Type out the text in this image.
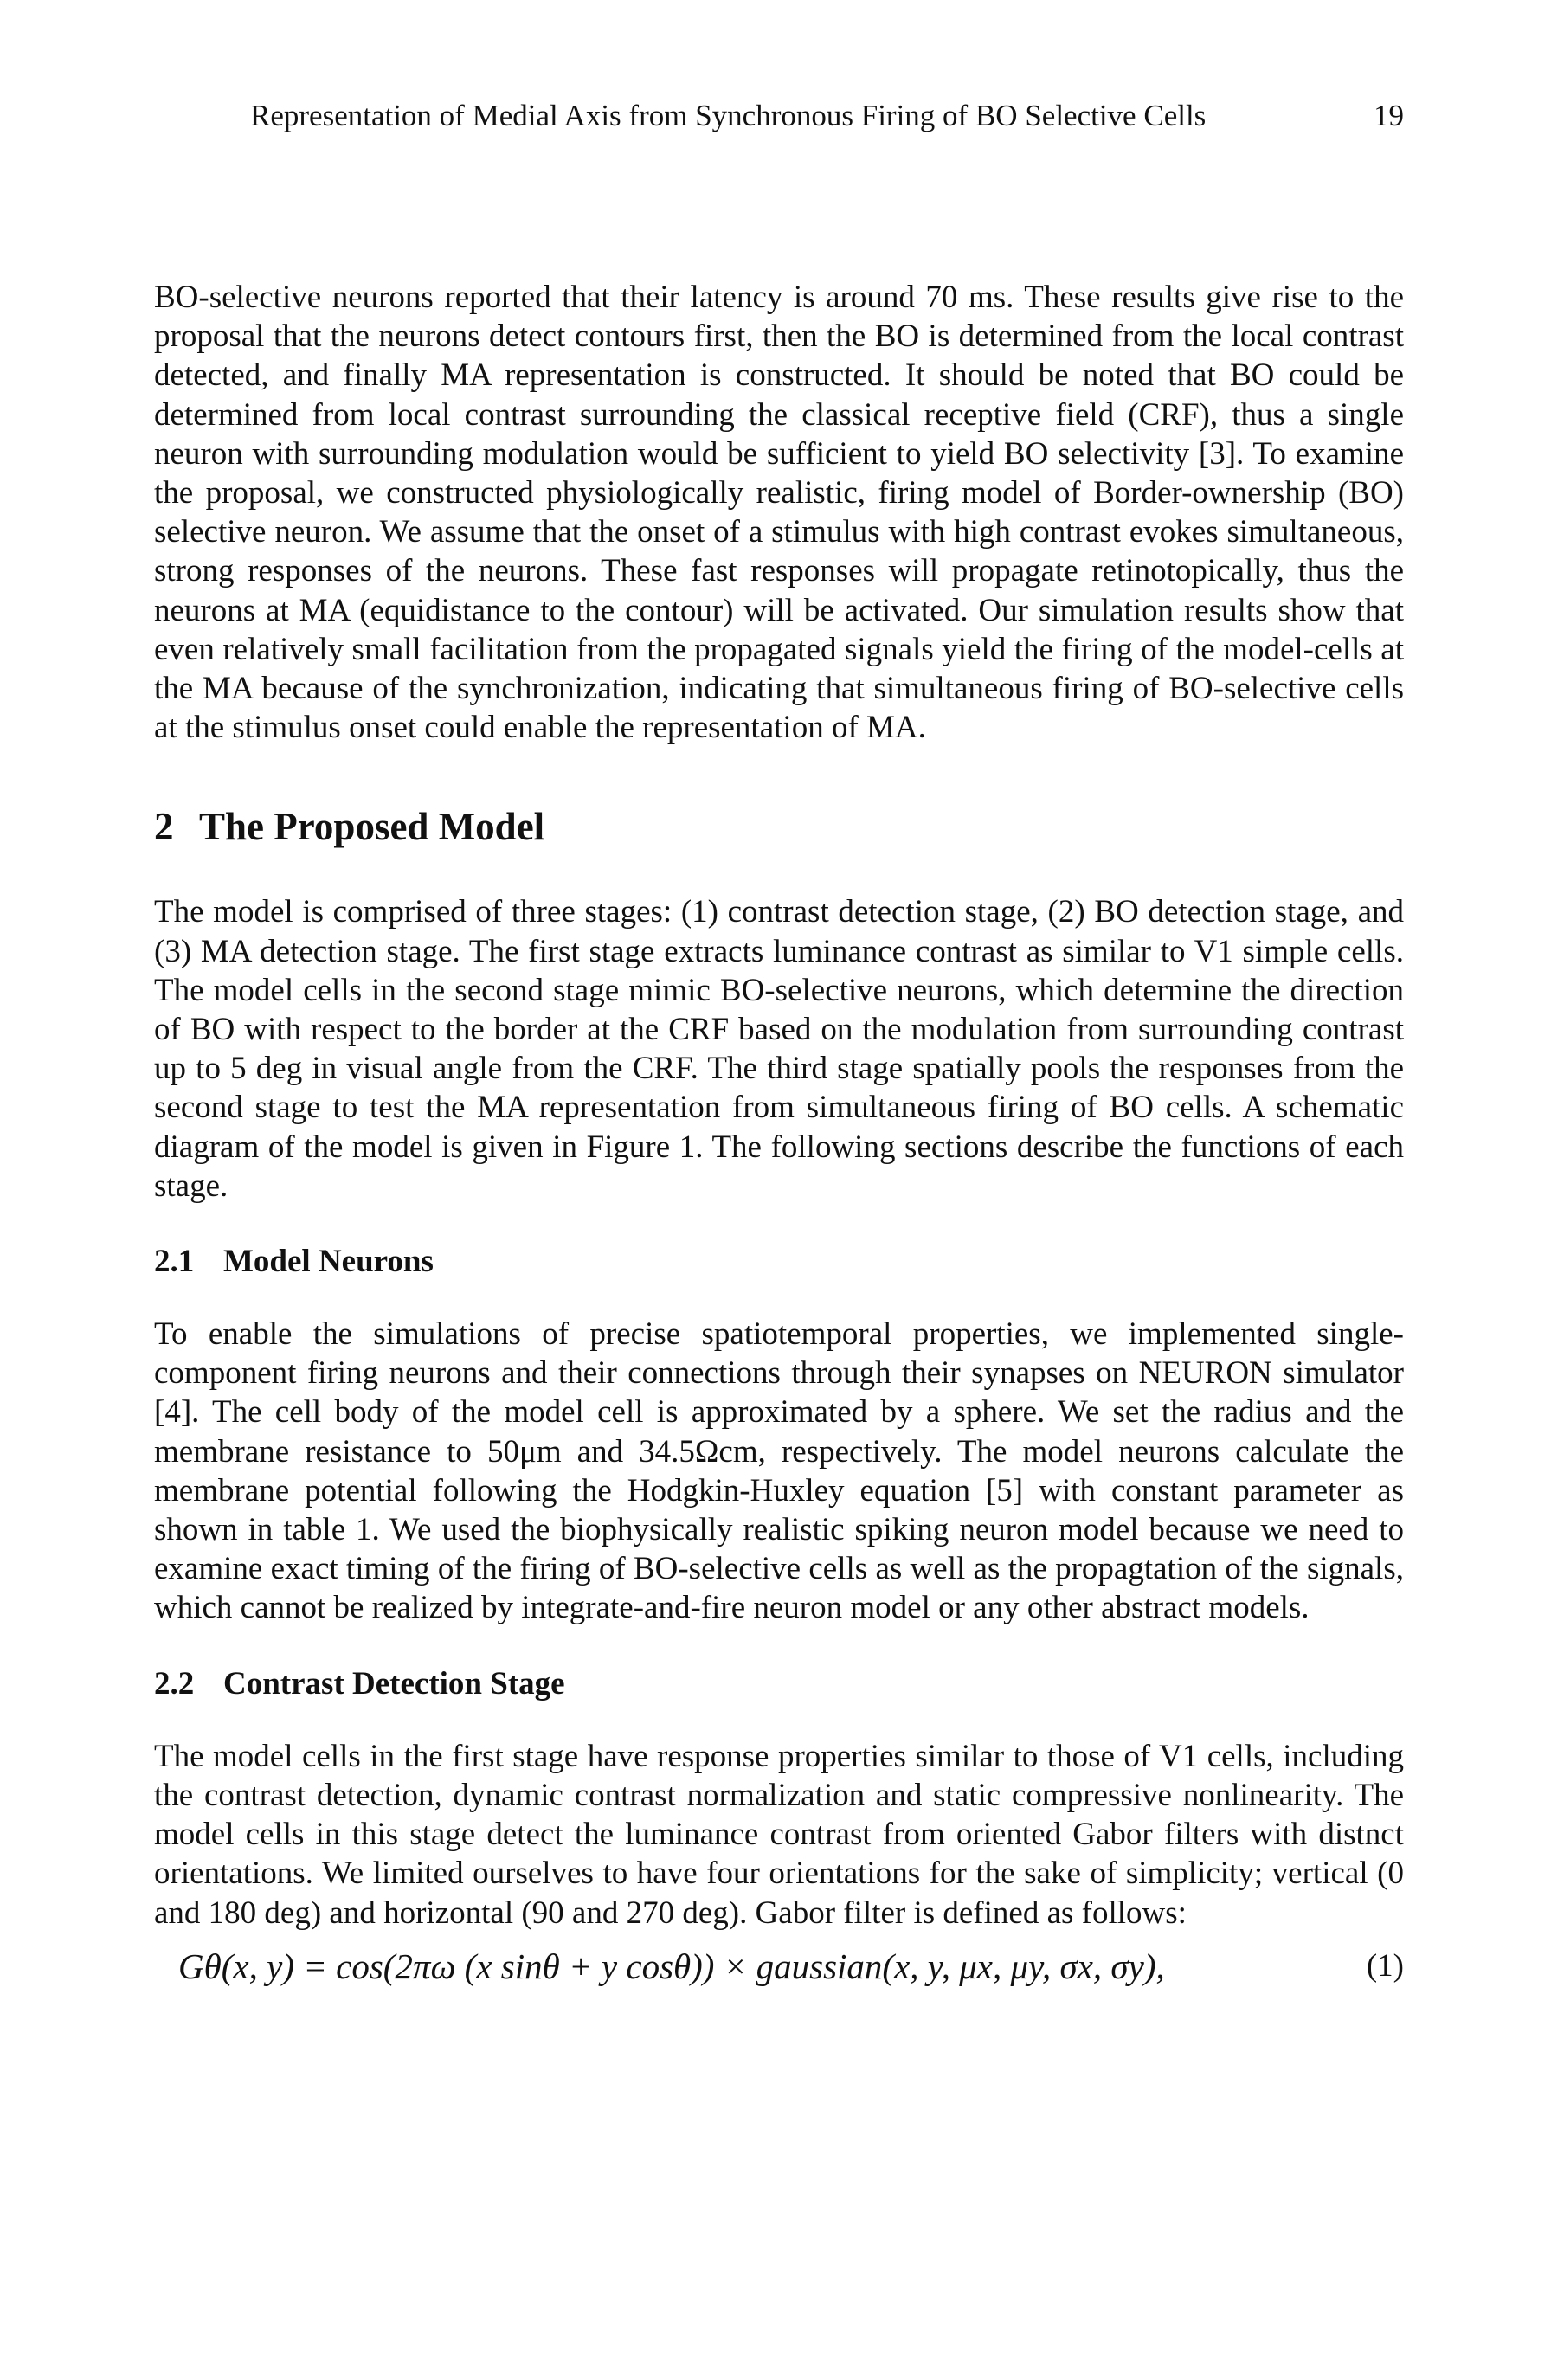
Representation of Medial Axis from Synchronous Firing of BO Selective Cells	19

BO-selective neurons reported that their latency is around 70 ms. These results give rise to the proposal that the neurons detect contours first, then the BO is determined from the local contrast detected, and finally MA representation is constructed. It should be noted that BO could be determined from local contrast surrounding the classical receptive field (CRF), thus a single neuron with surrounding modulation would be sufficient to yield BO selectivity [3]. To examine the proposal, we constructed physiologically realistic, firing model of Border-ownership (BO) selective neuron. We assume that the onset of a stimulus with high contrast evokes simultaneous, strong responses of the neurons. These fast responses will propagate retinotopically, thus the neurons at MA (equidistance to the contour) will be activated. Our simulation results show that even relatively small facilitation from the propagated signals yield the firing of the model-cells at the MA because of the synchronization, indicating that simultaneous firing of BO-selective cells at the stimulus onset could enable the representation of MA.

2 The Proposed Model

The model is comprised of three stages: (1) contrast detection stage, (2) BO detection stage, and (3) MA detection stage. The first stage extracts luminance contrast as similar to V1 simple cells. The model cells in the second stage mimic BO-selective neurons, which determine the direction of BO with respect to the border at the CRF based on the modulation from surrounding contrast up to 5 deg in visual angle from the CRF. The third stage spatially pools the responses from the second stage to test the MA representation from simultaneous firing of BO cells. A schematic diagram of the model is given in Figure 1. The following sections describe the functions of each stage.

2.1 Model Neurons

To enable the simulations of precise spatiotemporal properties, we implemented single-component firing neurons and their connections through their synapses on NEURON simulator [4]. The cell body of the model cell is approximated by a sphere. We set the radius and the membrane resistance to 50μm and 34.5Ωcm, respectively. The model neurons calculate the membrane potential following the Hodgkin-Huxley equation [5] with constant parameter as shown in table 1. We used the biophysically realistic spiking neuron model because we need to examine exact timing of the firing of BO-selective cells as well as the propagtation of the signals, which cannot be realized by integrate-and-fire neuron model or any other abstract models.

2.2 Contrast Detection Stage

The model cells in the first stage have response properties similar to those of V1 cells, including the contrast detection, dynamic contrast normalization and static compressive nonlinearity. The model cells in this stage detect the luminance contrast from oriented Gabor filters with distnct orientations. We limited ourselves to have four orientations for the sake of simplicity; vertical (0 and 180 deg) and horizontal (90 and 270 deg). Gabor filter is defined as follows:

Gθ(x, y) = cos(2πω (x sinθ + y cosθ)) × gaussian(x, y, μx, μy, σx, σy),	(1)
